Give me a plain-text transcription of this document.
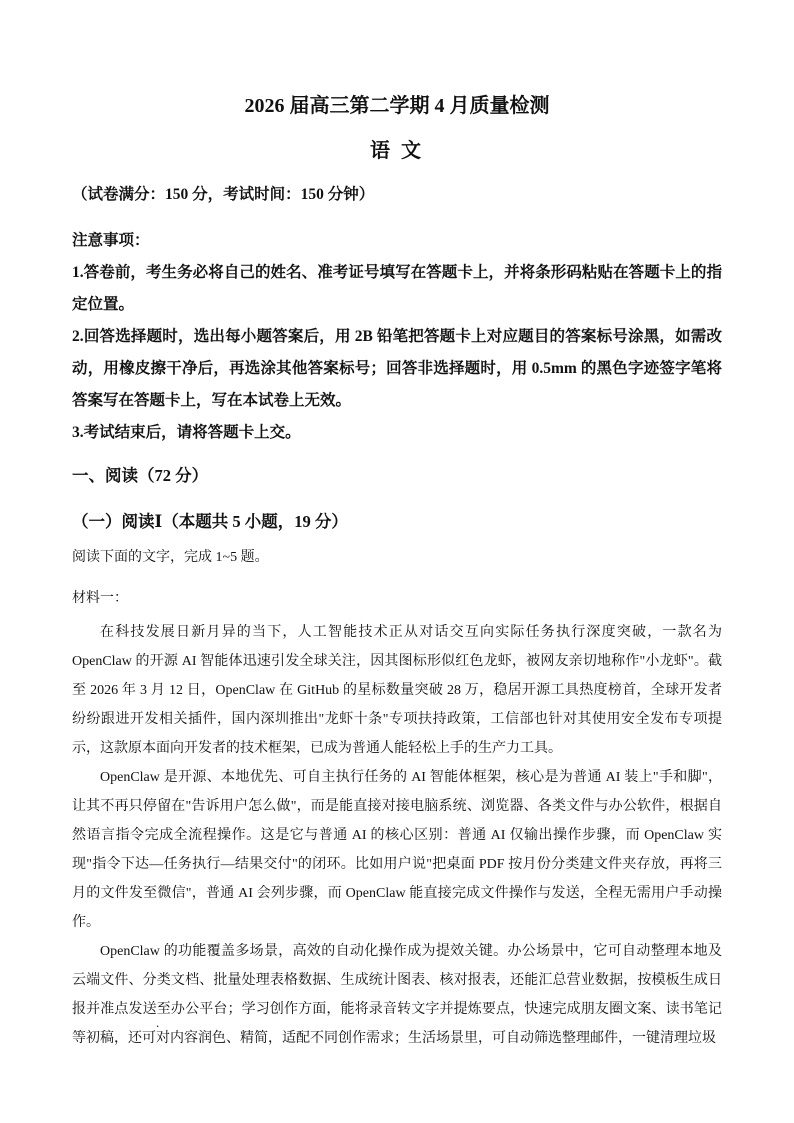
2026 届高三第二学期 4 月质量检测
语 文

（试卷满分：150 分，考试时间：150 分钟）

注意事项：

1.答卷前，考生务必将自己的姓名、准考证号填写在答题卡上，并将条形码粘贴在答题卡上的指定位置。

2.回答选择题时，选出每小题答案后，用 2B 铅笔把答题卡上对应题目的答案标号涂黑，如需改动，用橡皮擦干净后，再选涂其他答案标号；回答非选择题时，用 0.5mm 的黑色字迹签字笔将答案写在答题卡上，写在本试卷上无效。

3.考试结束后，请将答题卡上交。

一、阅读（72 分）
（一）阅读Ⅰ（本题共 5 小题，19 分）

阅读下面的文字，完成 1~5 题。

材料一：

在科技发展日新月异的当下，人工智能技术正从对话交互向实际任务执行深度突破，一款名为 OpenClaw 的开源 AI 智能体迅速引发全球关注，因其图标形似红色龙虾，被网友亲切地称作"小龙虾"。截至 2026 年 3 月 12 日，OpenClaw 在 GitHub 的星标数量突破 28 万，稳居开源工具热度榜首，全球开发者纷纷跟进开发相关插件，国内深圳推出"龙虾十条"专项扶持政策，工信部也针对其使用安全发布专项提示，这款原本面向开发者的技术框架，已成为普通人能轻松上手的生产力工具。

OpenClaw 是开源、本地优先、可自主执行任务的 AI 智能体框架，核心是为普通 AI 装上"手和脚"，让其不再只停留在"告诉用户怎么做"，而是能直接对接电脑系统、浏览器、各类文件与办公软件，根据自然语言指令完成全流程操作。这是它与普通 AI 的核心区别：普通 AI 仅输出操作步骤，而 OpenClaw 实现"指令下达—任务执行—结果交付"的闭环。比如用户说"把桌面 PDF 按月份分类建文件夹存放，再将三月的文件发至微信"，普通 AI 会列步骤，而 OpenClaw 能直接完成文件操作与发送，全程无需用户手动操作。

OpenClaw 的功能覆盖多场景，高效的自动化操作成为提效关键。办公场景中，它可自动整理本地及云端文件、分类文档、批量处理表格数据、生成统计图表、核对报表，还能汇总营业数据，按模板生成日报并准点发送至办公平台；学习创作方面，能将录音转文字并提炼要点，快速完成朋友圈文案、读书笔记等初稿，还可对内容润色、精简，适配不同创作需求；生活场景里，可自动筛选整理邮件，一键清理垃圾

.
